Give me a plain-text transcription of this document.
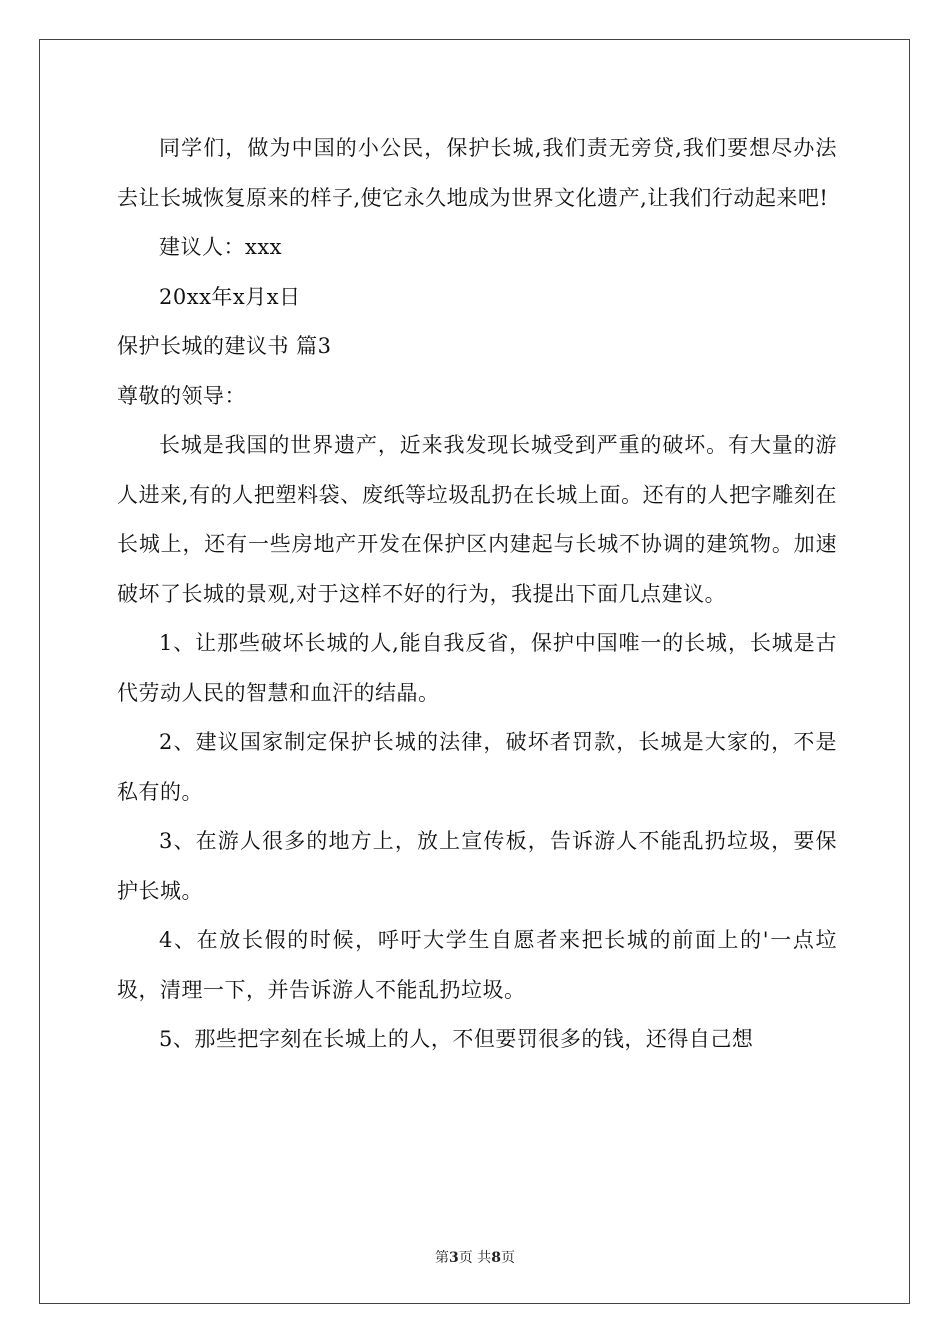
同学们，做为中国的小公民，保护长城,我们责无旁贷,我们要想尽办法去让长城恢复原来的样子,使它永久地成为世界文化遗产,让我们行动起来吧!

建议人：xxx

20xx年x月x日

保护长城的建议书 篇3

尊敬的领导：

长城是我国的世界遗产，近来我发现长城受到严重的破坏。有大量的游人进来,有的人把塑料袋、废纸等垃圾乱扔在长城上面。还有的人把字雕刻在长城上，还有一些房地产开发在保护区内建起与长城不协调的建筑物。加速破坏了长城的景观,对于这样不好的行为，我提出下面几点建议。

1、让那些破坏长城的人,能自我反省，保护中国唯一的长城，长城是古代劳动人民的智慧和血汗的结晶。

2、建议国家制定保护长城的法律，破坏者罚款，长城是大家的，不是私有的。

3、在游人很多的地方上，放上宣传板，告诉游人不能乱扔垃圾，要保护长城。

4、在放长假的时候，呼吁大学生自愿者来把长城的前面上的'一点垃圾，清理一下，并告诉游人不能乱扔垃圾。

5、那些把字刻在长城上的人，不但要罚很多的钱，还得自己想

第3页 共8页
